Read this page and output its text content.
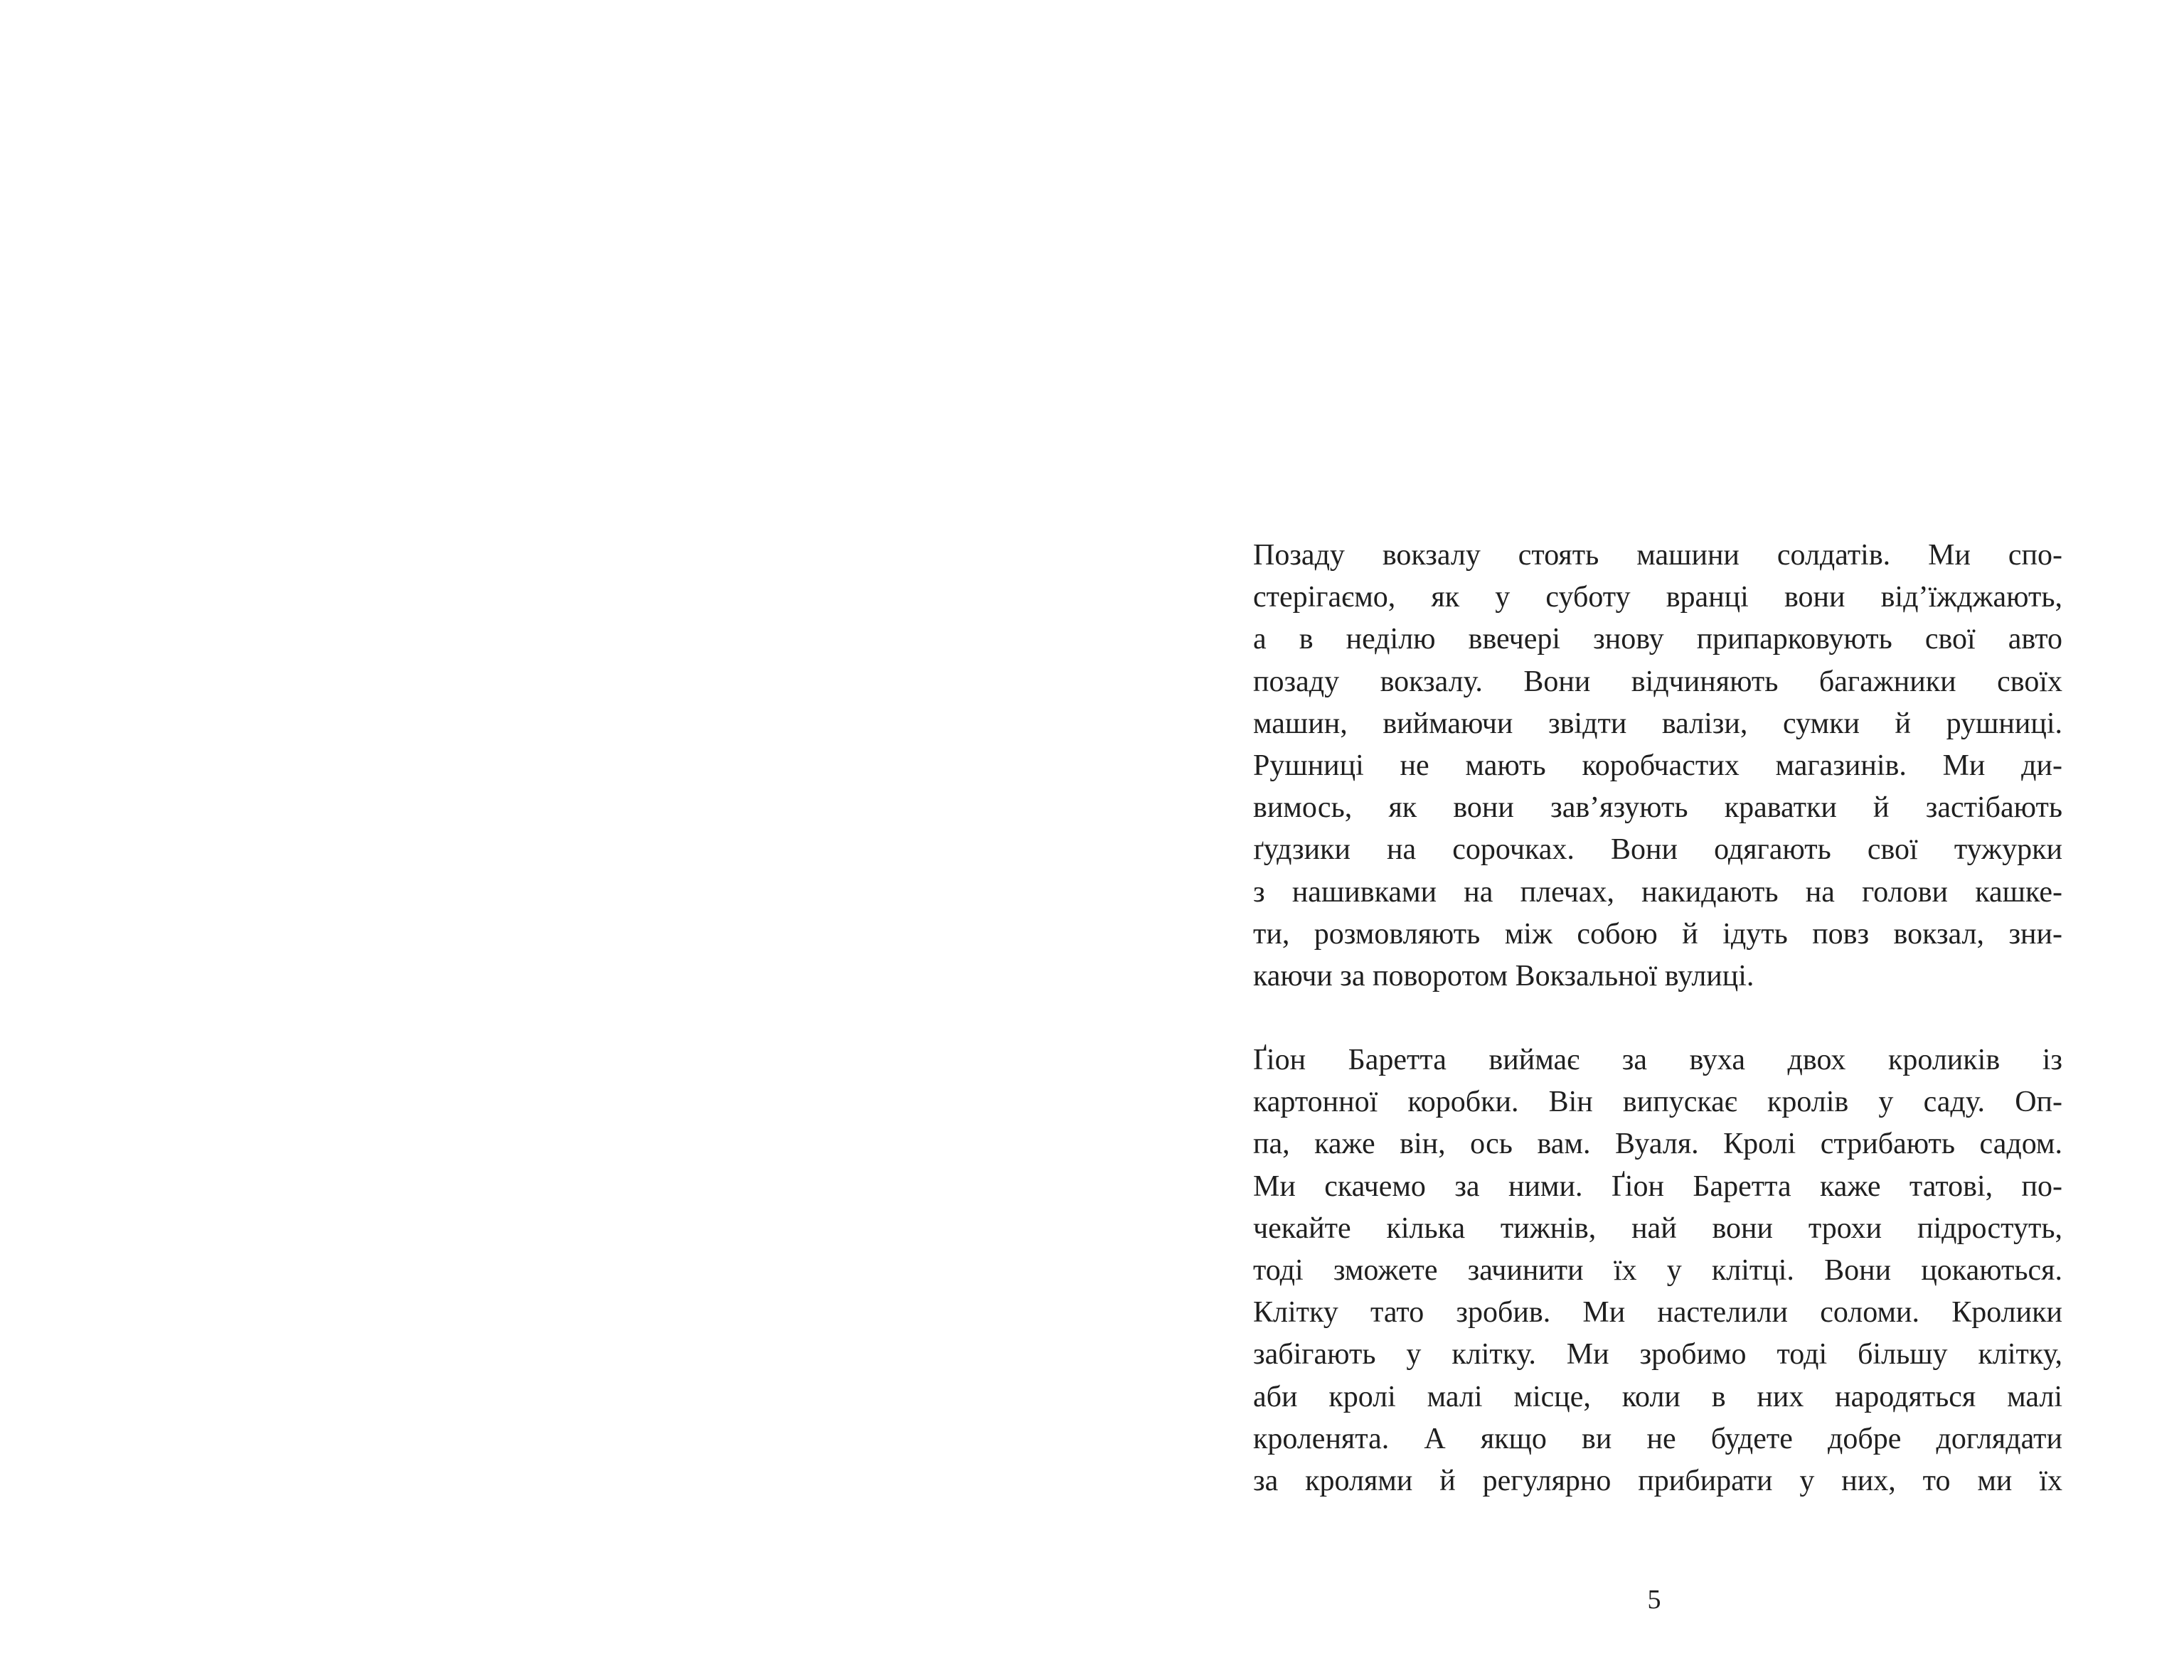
Позаду вокзалу стоять машини солдатів. Ми спо-
стерігаємо, як у суботу вранці вони від’їжджають,
а в неділю ввечері знову припарковують свої авто
позаду вокзалу. Вони відчиняють багажники своїх
машин, виймаючи звідти валізи, сумки й рушниці.
Рушниці не мають коробчастих магазинів. Ми ди-
вимось, як вони зав’язують краватки й застібають
ґудзики на сорочках. Вони одягають свої тужурки
з нашивками на плечах, накидають на голови кашке-
ти, розмовляють між собою й ідуть повз вокзал, зни-
каючи за поворотом Вокзальної вулиці.
Ґіон Баретта виймає за вуха двох кроликів із
картонної коробки. Він випускає кролів у саду. Оп-
па, каже він, ось вам. Вуаля. Кролі стрибають садом.
Ми скачемо за ними. Ґіон Баретта каже татові, по-
чекайте кілька тижнів, най вони трохи підростуть,
тоді зможете зачинити їх у клітці. Вони цокаються.
Клітку тато зробив. Ми настелили соломи. Кролики
забігають у клітку. Ми зробимо тоді більшу клітку,
аби кролі малі місце, коли в них народяться малі
кроленята. А якщо ви не будете добре доглядати
за кролями й регулярно прибирати у них, то ми їх
5
